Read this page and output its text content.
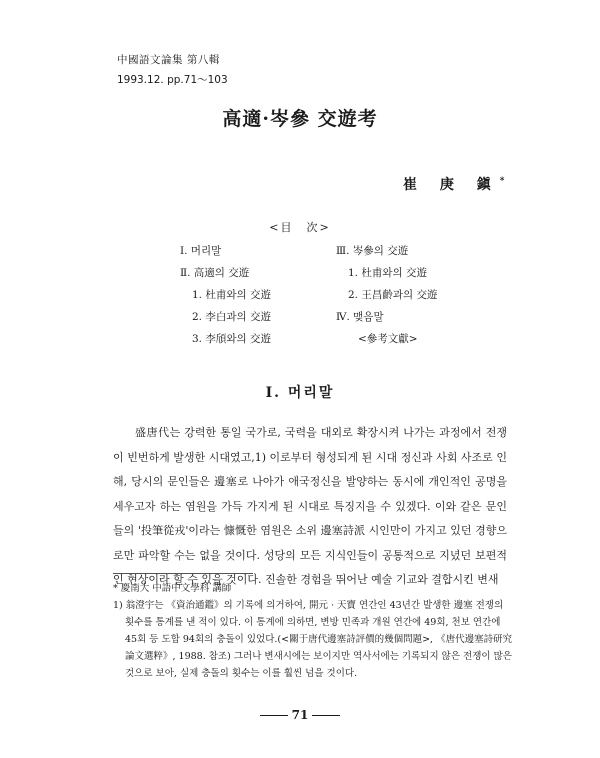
中國語文論集 第八輯
1993.12. pp.71～103
高適·岑參 交遊考
崔 庚 鎭*
<目　次>
Ⅰ. 머리말
Ⅱ. 高適의 交遊
1. 杜甫와의 交遊
2. 李白과의 交遊
3. 李頎와의 交遊
Ⅲ. 岑參의 交遊
1. 杜甫와의 交遊
2. 王昌齡과의 交遊
Ⅳ. 맺음말
<參考文獻>
Ⅰ. 머리말

盛唐代는 강력한 통일 국가로, 국력을 대외로 확장시켜 나가는 과정에서 전쟁이 빈번하게 발생한 시대였고,1) 이로부터 형성되게 된 시대 정신과 사회 사조로 인해, 당시의 문인들은 邊塞로 나아가 애국정신을 발양하는 동시에 개인적인 공명을 세우고자 하는 염원을 가득 가지게 된 시대로 특징지을 수 있겠다. 이와 같은 문인들의 '投筆從戎'이라는 慷慨한 염원은 소위 邊塞詩派 시인만이 가지고 있던 경향으로만 파악할 수는 없을 것이다. 성당의 모든 지식인들이 공통적으로 지녔던 보편적인 현상이라 할 수 있을 것이다. 진솔한 경험을 뛰어난 예술 기교와 결합시킨 변새

* 慶南大 中語中文學科 講師

1) 翁澄宇는 《資治通鑑》의 기록에 의거하여, 開元 · 天寶 연간인 43년간 발생한 邊塞 전쟁의 횟수를 통계를 낸 적이 있다. 이 통계에 의하면, 변방 민족과 개원 연간에 49회, 천보 연간에 45회 등 도합 94회의 충돌이 있었다.(<關于唐代邊塞詩評價的幾個問題>, 《唐代邊塞詩研究論文選粹》, 1988. 참조) 그러나 변새시에는 보이지만 역사서에는 기록되지 않은 전쟁이 많은 것으로 보아, 실제 충돌의 횟수는 이를 훨씬 넘을 것이다.

71
